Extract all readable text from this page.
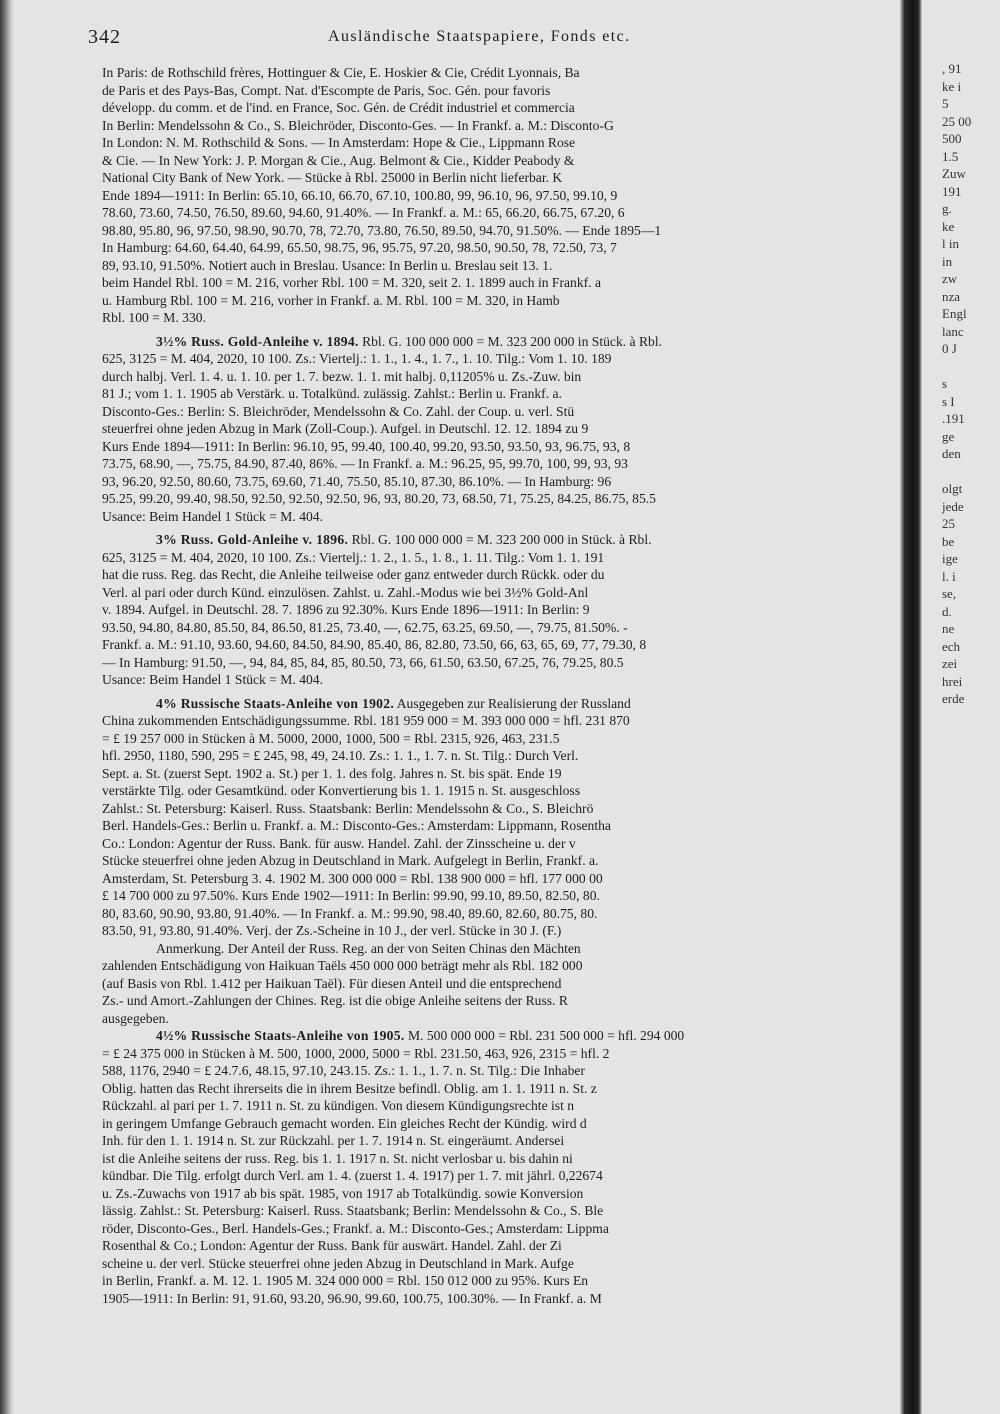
342	Ausländische Staatspapiere, Fonds etc.
In Paris: de Rothschild frères, Hottinguer & Cie, E. Hoskier & Cie, Crédit Lyonnais, Ba
de Paris et des Pays-Bas, Compt. Nat. d'Escompte de Paris, Soc. Gén. pour favoris
développ. du comm. et de l'ind. en France, Soc. Gén. de Crédit industriel et commercia
In Berlin: Mendelssohn & Co., S. Bleichröder, Disconto-Ges. — In Frankf. a. M.: Disconto-G
In London: N. M. Rothschild & Sons. — In Amsterdam: Hope & Cie., Lippmann Rose
& Cie. — In New York: J. P. Morgan & Cie., Aug. Belmont & Cie., Kidder Peabody &
National City Bank of New York. — Stücke à Rbl. 25000 in Berlin nicht lieferbar. K
Ende 1894—1911: In Berlin: 65.10, 66.10, 66.70, 67.10, 100.80, 99, 96.10, 96, 97.50, 99.10, 9
78.60, 73.60, 74.50, 76.50, 89.60, 94.60, 91.40%. — In Frankf. a. M.: 65, 66.20, 66.75, 67.20, 6
98.80, 95.80, 96, 97.50, 98.90, 90.70, 78, 72.70, 73.80, 76.50, 89.50, 94.70, 91.50%. — Ende 1895—1
In Hamburg: 64.60, 64.40, 64.99, 65.50, 98.75, 96, 95.75, 97.20, 98.50, 90.50, 78, 72.50, 73, 7
89, 93.10, 91.50%. Notiert auch in Breslau. Usance: In Berlin u. Breslau seit 13. 1.
beim Handel Rbl. 100 = M. 216, vorher Rbl. 100 = M. 320, seit 2. 1. 1899 auch in Frankf. a
u. Hamburg Rbl. 100 = M. 216, vorher in Frankf. a. M. Rbl. 100 = M. 320, in Hamb
Rbl. 100 = M. 330.
3½% Russ. Gold-Anleihe v. 1894. Rbl. G. 100 000 000 = M. 323 200 000 in Stück. à Rbl.
625, 3125 = M. 404, 2020, 10 100. Zs.: Viertelj.: 1. 1., 1. 4., 1. 7., 1. 10. Tilg.: Vom 1. 10. 189
durch halbj. Verl. 1. 4. u. 1. 10. per 1. 7. bezw. 1. 1. mit halbj. 0,11205% u. Zs.-Zuw. bin
81 J.; vom 1. 1. 1905 ab Verstärk. u. Totalkünd. zulässig. Zahlst.: Berlin u. Frankf. a.
Disconto-Ges.: Berlin: S. Bleichröder, Mendelssohn & Co. Zahl. der Coup. u. verl. Stü
steuerfrei ohne jeden Abzug in Mark (Zoll-Coup.). Aufgel. in Deutschl. 12. 12. 1894 zu 9
Kurs Ende 1894—1911: In Berlin: 96.10, 95, 99.40, 100.40, 99.20, 93.50, 93.50, 93, 96.75, 93, 8
73.75, 68.90, —, 75.75, 84.90, 87.40, 86%. — In Frankf. a. M.: 96.25, 95, 99.70, 100, 99, 93, 93
93, 96.20, 92.50, 80.60, 73.75, 69.60, 71.40, 75.50, 85.10, 87.30, 86.10%. — In Hamburg: 96
95.25, 99.20, 99.40, 98.50, 92.50, 92.50, 92.50, 96, 93, 80.20, 73, 68.50, 71, 75.25, 84.25, 86.75, 85.5
Usance: Beim Handel 1 Stück = M. 404.
3% Russ. Gold-Anleihe v. 1896. Rbl. G. 100 000 000 = M. 323 200 000 in Stück. à Rbl.
625, 3125 = M. 404, 2020, 10 100. Zs.: Viertelj.: 1. 2., 1. 5., 1. 8., 1. 11. Tilg.: Vom 1. 1. 191
hat die russ. Reg. das Recht, die Anleihe teilweise oder ganz entweder durch Rückk. oder du
Verl. al pari oder durch Künd. einzulösen. Zahlst. u. Zahl.-Modus wie bei 3½% Gold-Anl
v. 1894. Aufgel. in Deutschl. 28. 7. 1896 zu 92.30%. Kurs Ende 1896—1911: In Berlin: 9
93.50, 94.80, 84.80, 85.50, 84, 86.50, 81.25, 73.40, —, 62.75, 63.25, 69.50, —, 79.75, 81.50%. -
Frankf. a. M.: 91.10, 93.60, 94.60, 84.50, 84.90, 85.40, 86, 82.80, 73.50, 66, 63, 65, 69, 77, 79.30, 8
— In Hamburg: 91.50, —, 94, 84, 85, 84, 85, 80.50, 73, 66, 61.50, 63.50, 67.25, 76, 79.25, 80.5
Usance: Beim Handel 1 Stück = M. 404.
4% Russische Staats-Anleihe von 1902. Ausgegeben zur Realisierung der Russland
China zukommenden Entschädigungssumme. Rbl. 181 959 000 = M. 393 000 000 = hfl. 231 870
= £ 19 257 000 in Stücken à M. 5000, 2000, 1000, 500 = Rbl. 2315, 926, 463, 231.5
hfl. 2950, 1180, 590, 295 = £ 245, 98, 49, 24.10. Zs.: 1. 1., 1. 7. n. St. Tilg.: Durch Verl.
Sept. a. St. (zuerst Sept. 1902 a. St.) per 1. 1. des folg. Jahres n. St. bis spät. Ende 19
verstärkte Tilg. oder Gesamtkünd. oder Konvertierung bis 1. 1. 1915 n. St. ausgeschloss
Zahlst.: St. Petersburg: Kaiserl. Russ. Staatsbank: Berlin: Mendelssohn & Co., S. Bleichrö
Berl. Handels-Ges.: Berlin u. Frankf. a. M.: Disconto-Ges.: Amsterdam: Lippmann, Rosentha
Co.: London: Agentur der Russ. Bank. für ausw. Handel. Zahl. der Zinsscheine u. der v
Stücke steuerfrei ohne jeden Abzug in Deutschland in Mark. Aufgelegt in Berlin, Frankf. a.
Amsterdam, St. Petersburg 3. 4. 1902 M. 300 000 000 = Rbl. 138 900 000 = hfl. 177 000 00
£ 14 700 000 zu 97.50%. Kurs Ende 1902—1911: In Berlin: 99.90, 99.10, 89.50, 82.50, 80.
80, 83.60, 90.90, 93.80, 91.40%. — In Frankf. a. M.: 99.90, 98.40, 89.60, 82.60, 80.75, 80.
83.50, 91, 93.80, 91.40%. Verj. der Zs.-Scheine in 10 J., der verl. Stücke in 30 J. (F.)
Anmerkung. Der Anteil der Russ. Reg. an der von Seiten Chinas den Mächten
zahlenden Entschädigung von Haikuan Taëls 450 000 000 beträgt mehr als Rbl. 182 000
(auf Basis von Rbl. 1.412 per Haikuan Taël). Für diesen Anteil und die entsprechend
Zs.- und Amort.-Zahlungen der Chines. Reg. ist die obige Anleihe seitens der Russ. R
ausgegeben.
4½% Russische Staats-Anleihe von 1905. M. 500 000 000 = Rbl. 231 500 000 = hfl. 294 000
= £ 24 375 000 in Stücken à M. 500, 1000, 2000, 5000 = Rbl. 231.50, 463, 926, 2315 = hfl. 2
588, 1176, 2940 = £ 24.7.6, 48.15, 97.10, 243.15. Zs.: 1. 1., 1. 7. n. St. Tilg.: Die Inhaber
Oblig. hatten das Recht ihrerseits die in ihrem Besitze befindl. Oblig. am 1. 1. 1911 n. St. z
Rückzahl. al pari per 1. 7. 1911 n. St. zu kündigen. Von diesem Kündigungsrechte ist n
in geringem Umfange Gebrauch gemacht worden. Ein gleiches Recht der Kündig. wird d
Inh. für den 1. 1. 1914 n. St. zur Rückzahl. per 1. 7. 1914 n. St. eingeräumt. Andersei
ist die Anleihe seitens der russ. Reg. bis 1. 1. 1917 n. St. nicht verlosbar u. bis dahin ni
kündbar. Die Tilg. erfolgt durch Verl. am 1. 4. (zuerst 1. 4. 1917) per 1. 7. mit jährl. 0,22674
u. Zs.-Zuwachs von 1917 ab bis spät. 1985, von 1917 ab Totalkündig. sowie Konversion
lässig. Zahlst.: St. Petersburg: Kaiserl. Russ. Staatsbank; Berlin: Mendelssohn & Co., S. Ble
röder, Disconto-Ges., Berl. Handels-Ges.; Frankf. a. M.: Disconto-Ges.; Amsterdam: Lippma
Rosenthal & Co.; London: Agentur der Russ. Bank für auswärt. Handel. Zahl. der Zi
scheine u. der verl. Stücke steuerfrei ohne jeden Abzug in Deutschland in Mark. Aufge
in Berlin, Frankf. a. M. 12. 1. 1905 M. 324 000 000 = Rbl. 150 012 000 zu 95%. Kurs En
1905—1911: In Berlin: 91, 91.60, 93.20, 96.90, 99.60, 100.75, 100.30%. — In Frankf. a. M
, 91
ke i
5
25 00
500
1.5
Zuw
191
g.
ke
l in
in
zw
nza
Engl
lanc
0 J
s
s I
.191
ge
den
olgt
jede
25
be
ige
l. i
se,
d.
ne
ech
zei
hrei
erde
